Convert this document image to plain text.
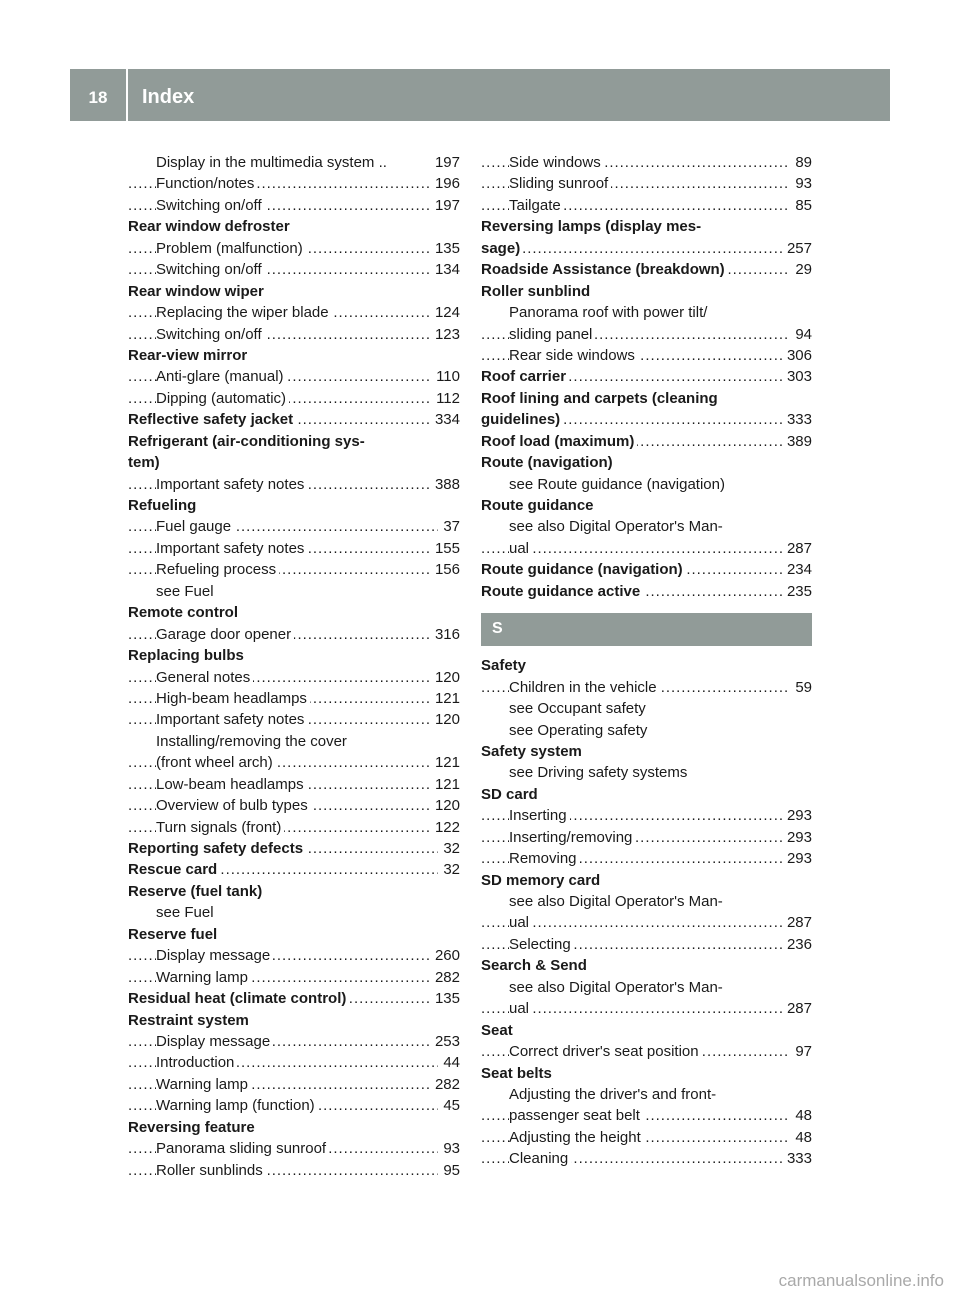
18	Index
Display in the multimedia system ..	197
Function/notes	196
. . .
Switching on/off	197
. . .
Rear window defroster
Problem (malfunction)	135
. . .
Switching on/off	134
. . .
Rear window wiper
Replacing the wiper blade	124
. . .
Switching on/off	123
. . .
Rear-view mirror
Anti-glare (manual)	110
. . .
Dipping (automatic)	112
. . .
Reflective safety jacket	334
. . .
Refrigerant (air-conditioning sys-
tem)
Important safety notes	388
. . .
Refueling
Fuel gauge	37
. . .
Important safety notes	155
. . .
Refueling process	156
. . .
see Fuel
Remote control
Garage door opener	316
. . .
Replacing bulbs
General notes	120
. . .
High-beam headlamps	121
. . .
Important safety notes	120
. . .
Installing/removing the cover
(front wheel arch)	121
. . .
Low-beam headlamps	121
. . .
Overview of bulb types	120
. . .
Turn signals (front)	122
. . .
Reporting safety defects	32
. . .
Rescue card	32
. . .
Reserve (fuel tank)
see Fuel
Reserve fuel
Display message	260
. . .
Warning lamp	282
. . .
Residual heat (climate control)	135
. . .
Restraint system
Display message	253
. . .
Introduction	44
. . .
Warning lamp	282
. . .
Warning lamp (function)	45
. . .
Reversing feature
Panorama sliding sunroof	93
. . .
Roller sunblinds	95
. . .
Side windows	89
. . .
Sliding sunroof	93
. . .
Tailgate	85
. . .
Reversing lamps (display mes-
sage)	257
. . .
Roadside Assistance (breakdown)	29
. . .
Roller sunblind
Panorama roof with power tilt/
sliding panel	94
. . .
Rear side windows	306
. . .
Roof carrier	303
. . .
Roof lining and carpets (cleaning
guidelines)	333
. . .
Roof load (maximum)	389
. . .
Route (navigation)
see Route guidance (navigation)
Route guidance
see also Digital Operator's Man-
ual	287
. . .
Route guidance (navigation)	234
. . .
Route guidance active	235
. . .
S
Safety
Children in the vehicle	59
. . .
see Occupant safety
see Operating safety
Safety system
see Driving safety systems
SD card
Inserting	293
. . .
Inserting/removing	293
. . .
Removing	293
. . .
SD memory card
see also Digital Operator's Man-
ual	287
. . .
Selecting	236
. . .
Search & Send
see also Digital Operator's Man-
ual	287
. . .
Seat
Correct driver's seat position	97
. . .
Seat belts
Adjusting the driver's and front-
passenger seat belt	48
. . .
Adjusting the height	48
. . .
Cleaning	333
. . .
carmanualsonline.info
